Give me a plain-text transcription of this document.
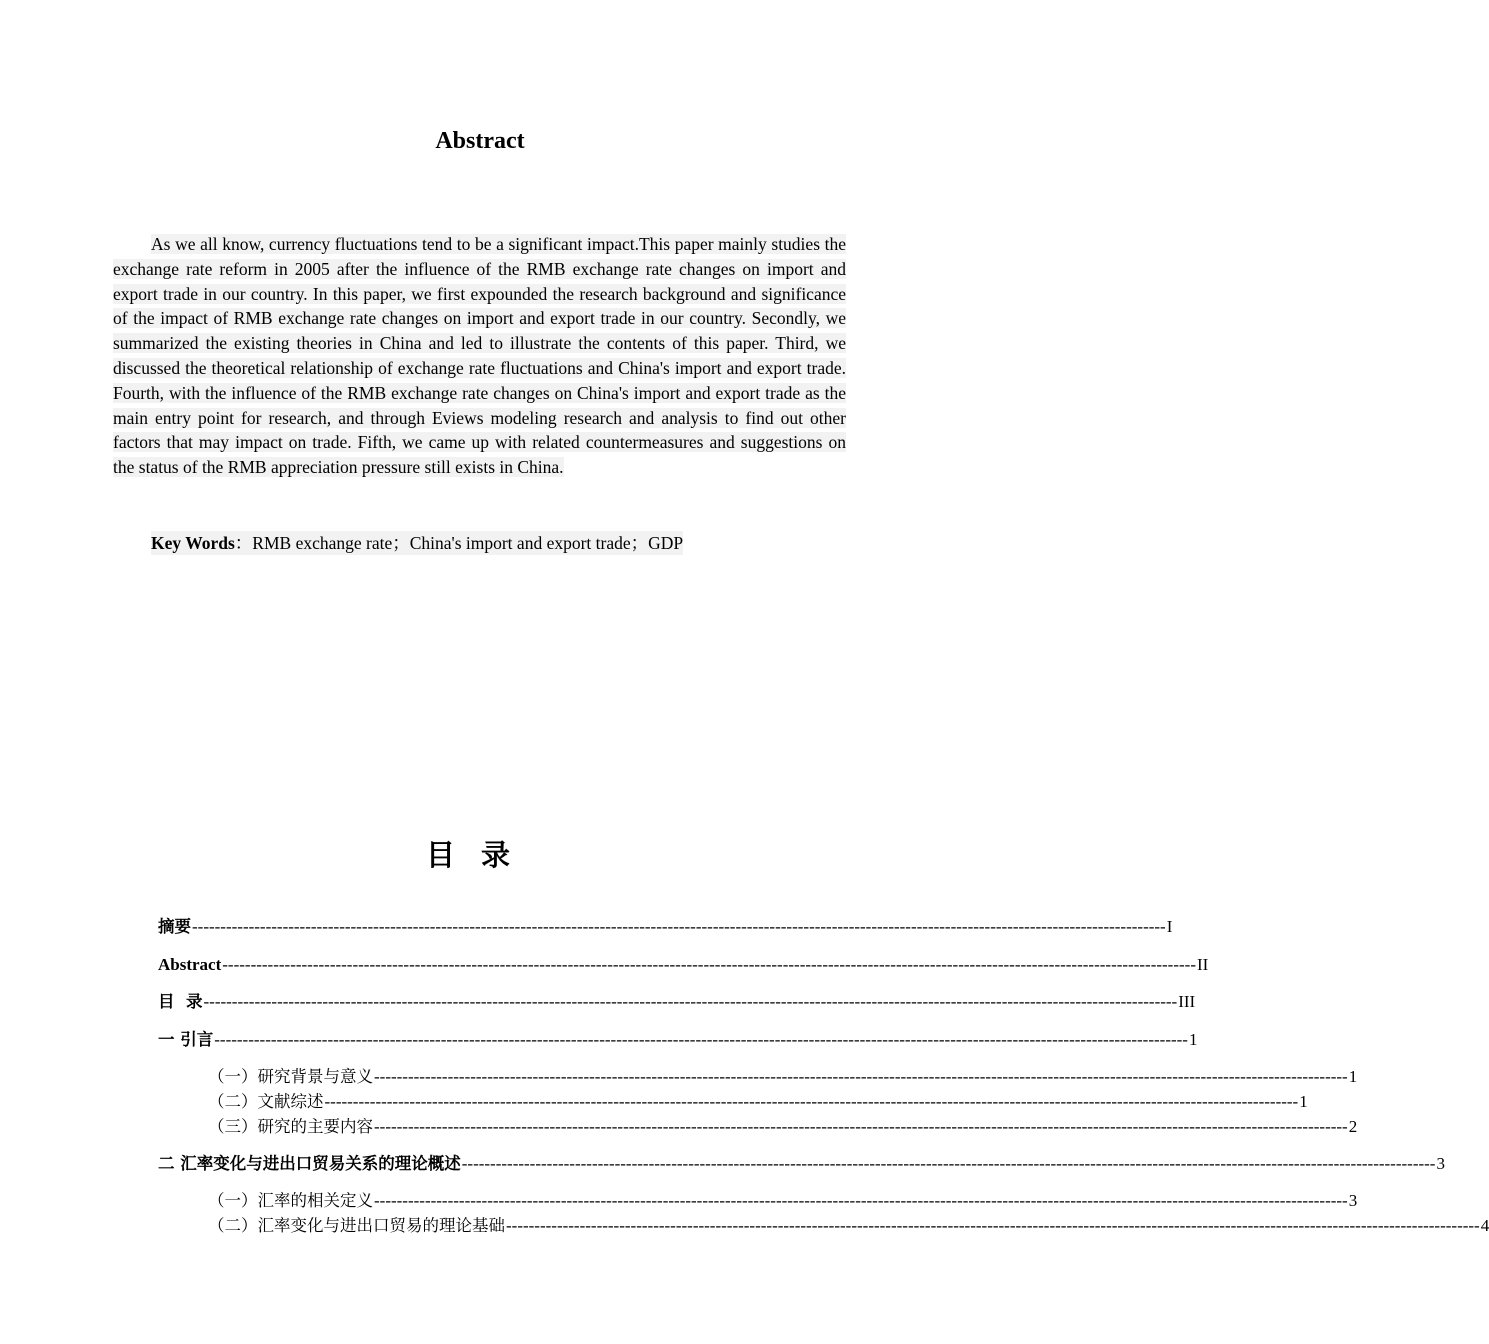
Abstract

As we all know, currency fluctuations tend to be a significant impact.This paper mainly studies the exchange rate reform in 2005 after the influence of the RMB exchange rate changes on import and export trade in our country. In this paper, we first expounded the research background and significance of the impact of RMB exchange rate changes on import and export trade in our country. Secondly, we summarized the existing theories in China and led to illustrate the contents of this paper. Third, we discussed the theoretical relationship of exchange rate fluctuations and China's import and export trade. Fourth, with the influence of the RMB exchange rate changes on China's import and export trade as the main entry point for research, and through Eviews modeling research and analysis to find out other factors that may impact on trade. Fifth, we came up with related countermeasures and suggestions on the status of the RMB appreciation pressure still exists in China.

Key Words：RMB exchange rate；China's import and export trade；GDP
目录
摘要 ---------------------------------------------------------------------------------------------------------------------------------------------------------------------------- I
Abstract ---------------------------------------------------------------------------------------------------------------------------------------------------------------------------- II
目  录 ---------------------------------------------------------------------------------------------------------------------------------------------------------------------------- III
一 引言 ---------------------------------------------------------------------------------------------------------------------------------------------------------------------------- 1
（一）研究背景与意义 ---------------------------------------------------------------------------------------------------------------------------------------------------------------------------- 1
（二）文献综述 ---------------------------------------------------------------------------------------------------------------------------------------------------------------------------- 1
（三）研究的主要内容 ---------------------------------------------------------------------------------------------------------------------------------------------------------------------------- 2
二 汇率变化与进出口贸易关系的理论概述 ---------------------------------------------------------------------------------------------------------------------------------------------------------------------------- 3
（一）汇率的相关定义 ---------------------------------------------------------------------------------------------------------------------------------------------------------------------------- 3
（二）汇率变化与进出口贸易的理论基础 ---------------------------------------------------------------------------------------------------------------------------------------------------------------------------- 4
